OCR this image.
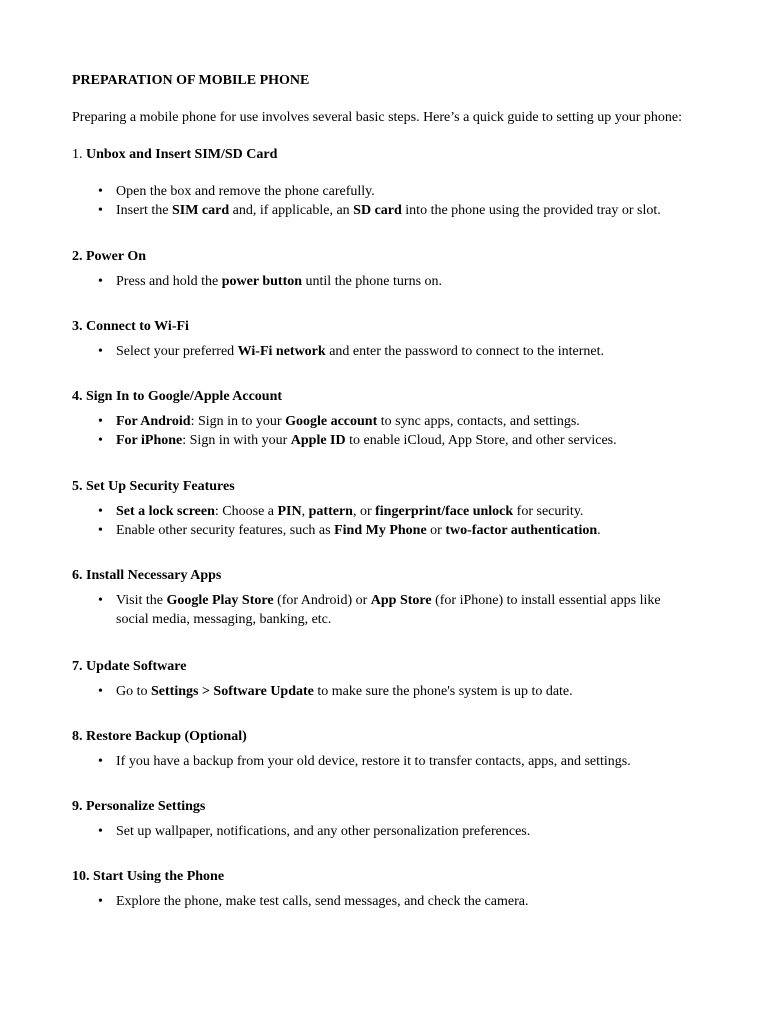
PREPARATION OF MOBILE PHONE

Preparing a mobile phone for use involves several basic steps. Here’s a quick guide to setting up your phone:

1. Unbox and Insert SIM/SD Card

• Open the box and remove the phone carefully.
• Insert the SIM card and, if applicable, an SD card into the phone using the provided tray or slot.

2. Power On

• Press and hold the power button until the phone turns on.

3. Connect to Wi-Fi

• Select your preferred Wi-Fi network and enter the password to connect to the internet.

4. Sign In to Google/Apple Account

• For Android: Sign in to your Google account to sync apps, contacts, and settings.
• For iPhone: Sign in with your Apple ID to enable iCloud, App Store, and other services.

5. Set Up Security Features

• Set a lock screen: Choose a PIN, pattern, or fingerprint/face unlock for security.
• Enable other security features, such as Find My Phone or two-factor authentication.

6. Install Necessary Apps

• Visit the Google Play Store (for Android) or App Store (for iPhone) to install essential apps like social media, messaging, banking, etc.

7. Update Software

• Go to Settings > Software Update to make sure the phone's system is up to date.

8. Restore Backup (Optional)

• If you have a backup from your old device, restore it to transfer contacts, apps, and settings.

9. Personalize Settings

• Set up wallpaper, notifications, and any other personalization preferences.

10. Start Using the Phone

• Explore the phone, make test calls, send messages, and check the camera.
